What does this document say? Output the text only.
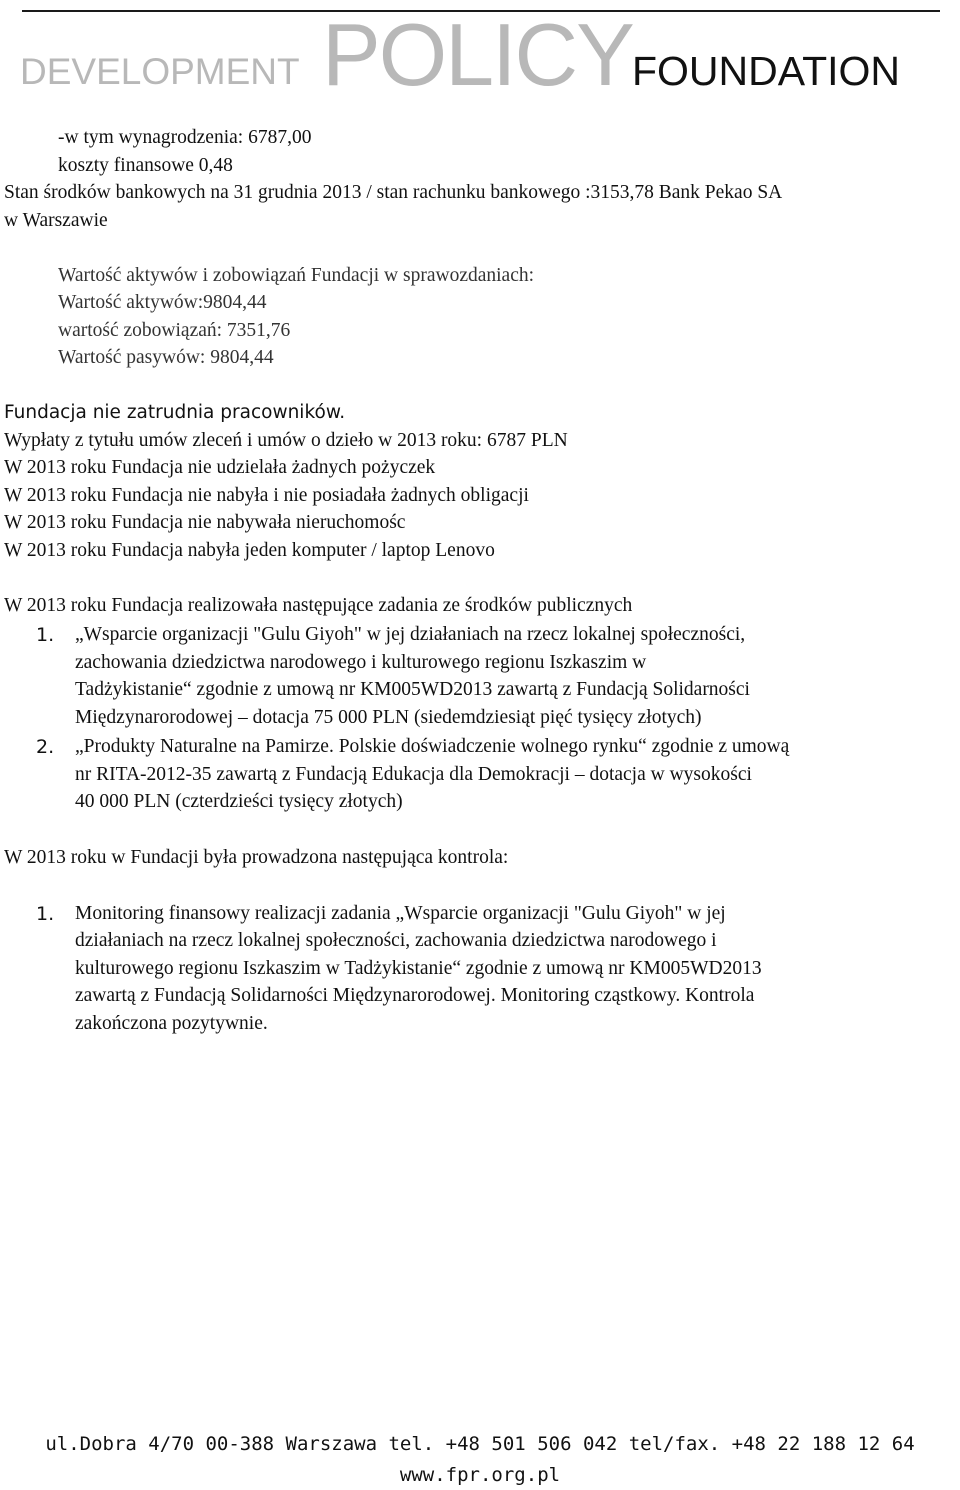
DEVELOPMENT POLICY FOUNDATION
-w tym wynagrodzenia: 6787,00
koszty finansowe 0,48
Stan środków bankowych na 31 grudnia 2013 / stan rachunku bankowego :3153,78 Bank Pekao SA
w Warszawie
Wartość aktywów i zobowiązań Fundacji w sprawozdaniach:
Wartość aktywów:9804,44
wartość zobowiązań: 7351,76
Wartość pasywów: 9804,44
Fundacja nie zatrudnia pracowników.
Wypłaty z tytułu umów zleceń i umów o dzieło w 2013 roku: 6787 PLN
W 2013 roku Fundacja nie udzielała żadnych pożyczek
W 2013 roku Fundacja nie nabyła i nie posiadała żadnych obligacji
W 2013 roku Fundacja nie nabywała nieruchomośc
W 2013 roku Fundacja nabyła jeden komputer / laptop Lenovo
W 2013 roku Fundacja realizowała następujące zadania ze środków publicznych
1. „Wsparcie organizacji "Gulu Giyoh" w jej działaniach na rzecz lokalnej społeczności,
zachowania dziedzictwa narodowego i kulturowego regionu Iszkaszim w
Tadżykistanie“ zgodnie z umową nr KM005WD2013 zawartą z Fundacją Solidarności
Międzynarorodowej – dotacja 75 000 PLN (siedemdziesiąt pięć tysięcy złotych)
2. „Produkty Naturalne na Pamirze. Polskie doświadczenie wolnego rynku“ zgodnie z umową
nr RITA-2012-35 zawartą z Fundacją Edukacja dla Demokracji – dotacja w wysokości
40 000 PLN (czterdzieści tysięcy złotych)
W 2013 roku w Fundacji była prowadzona następująca kontrola:
1. Monitoring finansowy realizacji zadania „Wsparcie organizacji "Gulu Giyoh" w jej
działaniach na rzecz lokalnej społeczności, zachowania dziedzictwa narodowego i
kulturowego regionu Iszkaszim w Tadżykistanie“ zgodnie z umową nr KM005WD2013
zawartą z Fundacją Solidarności Międzynarorodowej. Monitoring cząstkowy. Kontrola
zakończona pozytywnie.
ul.Dobra 4/70 00-388 Warszawa tel. +48 501 506 042 tel/fax. +48 22 188 12 64
www.fpr.org.pl
